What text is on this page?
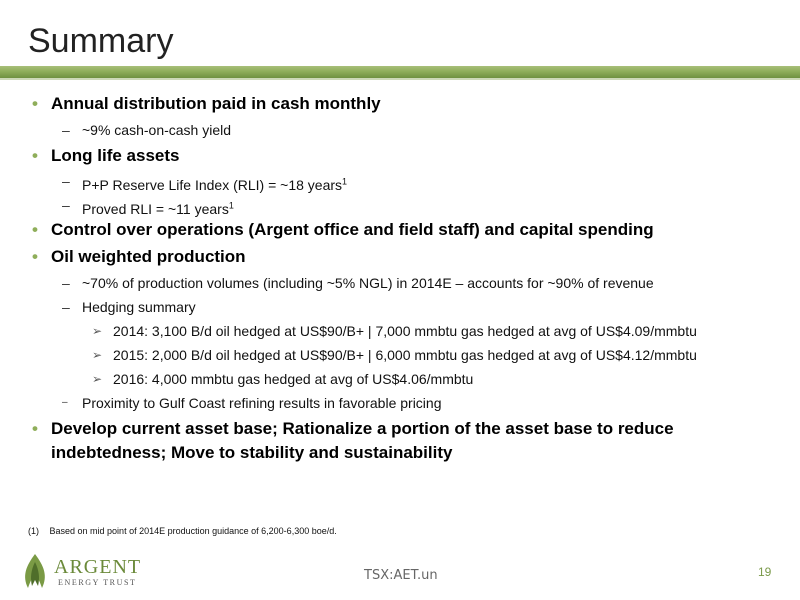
Summary
• Annual distribution paid in cash monthly
– ~9% cash-on-cash yield
• Long life assets
– P+P Reserve Life Index (RLI) = ~18 years$^1$
– Proved RLI = ~11 years$^1$
• Control over operations (Argent office and field staff) and capital spending
• Oil weighted production
– ~70% of production volumes (including ~5% NGL) in 2014E – accounts for ~90% of revenue
– Hedging summary
➢ 2014: 3,100 B/d oil hedged at US$90/B+ | 7,000 mmbtu gas hedged at avg of US$4.09/mmbtu
➢ 2015: 2,000 B/d oil hedged at US$90/B+ | 6,000 mmbtu gas hedged at avg of US$4.12/mmbtu
➢ 2016: 4,000 mmbtu gas hedged at avg of US$4.06/mmbtu
– Proximity to Gulf Coast refining results in favorable pricing
• Develop current asset base; Rationalize a portion of the asset base to reduce indebtedness; Move to stability and sustainability
(1) Based on mid point of 2014E production guidance of 6,200-6,300 boe/d.
ARGENT
ENERGY TRUST	TSX:AET.un	19
